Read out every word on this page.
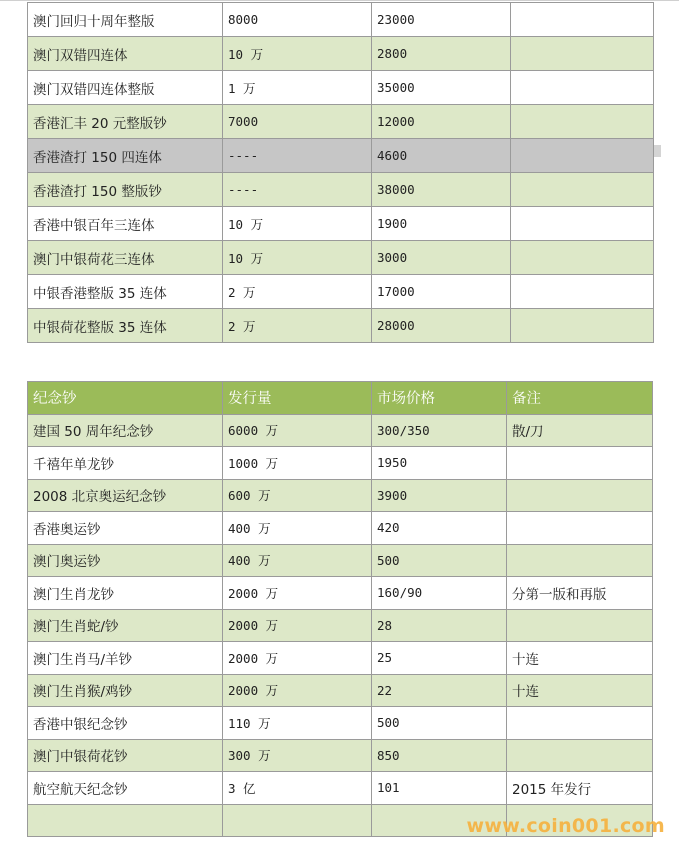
澳门回归十周年整版	8000	23000	
澳门双错四连体	10 万	2800	
澳门双错四连体整版	1 万	35000	
香港汇丰 20 元整版钞	7000	12000	
香港渣打 150 四连体	----	4600	
香港渣打 150 整版钞	----	38000	
香港中银百年三连体	10 万	1900	
澳门中银荷花三连体	10 万	3000	
中银香港整版 35 连体	2 万	17000	
中银荷花整版 35 连体	2 万	28000	
纪念钞	发行量	市场价格	备注
建国 50 周年纪念钞	6000 万	300/350	散/刀
千禧年单龙钞	1000 万	1950	
2008 北京奥运纪念钞	600 万	3900	
香港奥运钞	400 万	420	
澳门奥运钞	400 万	500	
澳门生肖龙钞	2000 万	160/90	分第一版和再版
澳门生肖蛇/钞	2000 万	28	
澳门生肖马/羊钞	2000 万	25	十连
澳门生肖猴/鸡钞	2000 万	22	十连
香港中银纪念钞	110 万	500	
澳门中银荷花钞	300 万	850	
航空航天纪念钞	3 亿	101	2015 年发行

www.coin001.com
